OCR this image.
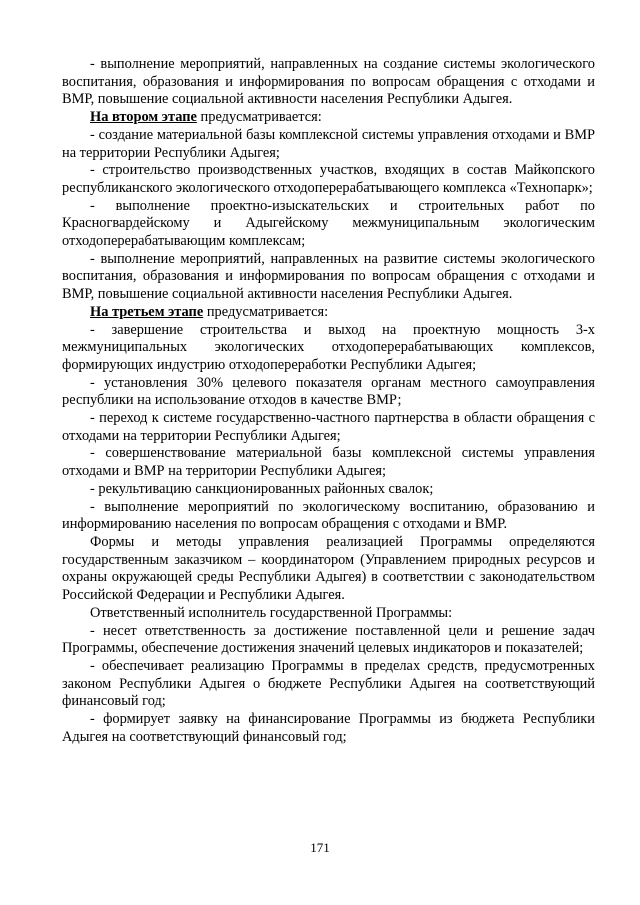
- выполнение мероприятий, направленных на создание системы экологического воспитания, образования и информирования по вопросам обращения с отходами и ВМР, повышение социальной активности населения Республики Адыгея.

На втором этапе предусматривается:

- создание материальной базы комплексной системы управления отходами и ВМР на территории Республики Адыгея;

- строительство производственных участков, входящих в состав Майкопского республиканского экологического отходоперерабатывающего комплекса «Технопарк»;

- выполнение проектно-изыскательских и строительных работ по Красногвардейскому и Адыгейскому межмуниципальным экологическим отходоперерабатывающим комплексам;

- выполнение мероприятий, направленных на развитие системы экологического воспитания, образования и информирования по вопросам обращения с отходами и ВМР, повышение социальной активности населения Республики Адыгея.

На третьем этапе предусматривается:

- завершение строительства и выход на проектную мощность 3-х межмуниципальных экологических отходоперерабатывающих комплексов, формирующих индустрию отходопереработки Республики Адыгея;

- установления 30% целевого показателя органам местного самоуправления республики на использование отходов в качестве ВМР;

- переход к системе государственно-частного партнерства в области обращения с отходами на территории Республики Адыгея;

- совершенствование материальной базы комплексной системы управления отходами и ВМР на территории Республики Адыгея;

- рекультивацию санкционированных районных свалок;

- выполнение мероприятий по экологическому воспитанию, образованию и информированию населения по вопросам обращения с отходами и ВМР.

Формы и методы управления реализацией Программы определяются государственным заказчиком – координатором (Управлением природных ресурсов и охраны окружающей среды Республики Адыгея) в соответствии с законодательством Российской Федерации и Республики Адыгея.

Ответственный исполнитель государственной Программы:

- несет ответственность за достижение поставленной цели и решение задач Программы, обеспечение достижения значений целевых индикаторов и показателей;

- обеспечивает реализацию Программы в пределах средств, предусмотренных законом Республики Адыгея о бюджете Республики Адыгея на соответствующий финансовый год;

- формирует заявку на финансирование Программы из бюджета Республики Адыгея на соответствующий финансовый год;

171
